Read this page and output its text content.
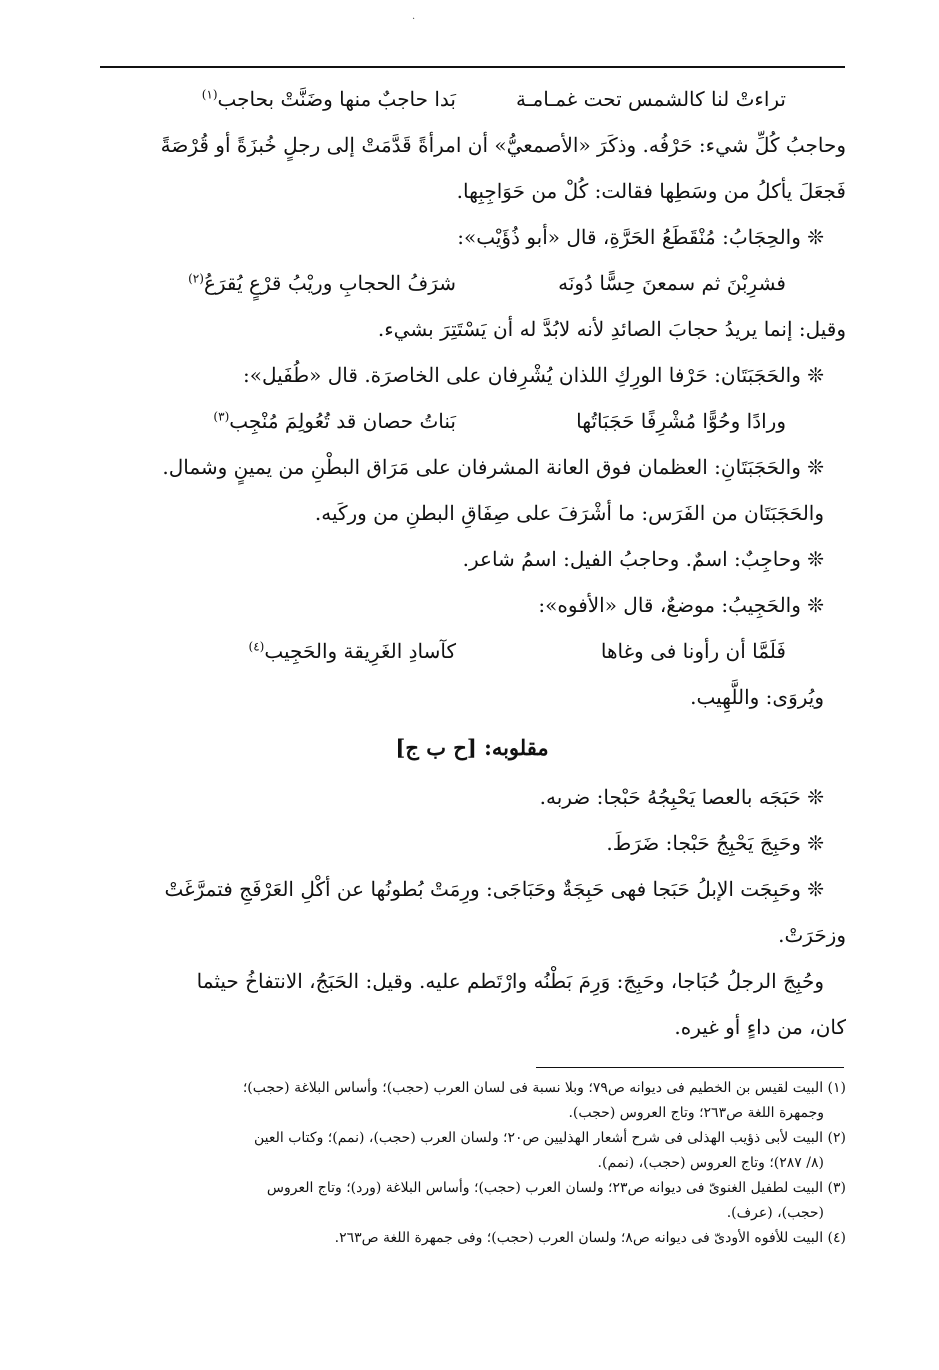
·
تراءتْ لنا كالشمس تحت غمـامـة
بَدا حاجبٌ منها وضَنَّتْ بحاجب$^{(١)}$
وحاجبُ كُلِّ شيء: حَرْفُه. وذكَرَ «الأصمعيُّ» أن امرأةً قَدَّمَتْ إلى رجلٍ خُبزَةً أو قُرْصَةً
فَجعَلَ يأكلُ من وسَطِها فقالت: كُلْ من حَوَاجِبِها.
❊ والحِجَابُ: مُنْقَطَعُ الحَرَّةِ، قال «أبو ذُؤَيْب»:
فشرِبْنَ ثم سمعنَ حِسًّا دُونَه
شرَفُ الحجابِ وريْبُ قرْعٍ يُقرَعُ$^{(٢)}$
وقيل: إنما يريدُ حجابَ الصائدِ لأنه لابُدَّ له أن يَسْتَتِرَ بشيء.
❊ والحَجَبَتَان: حَرْفا الورِكِ اللذان يُشْرِفان على الخاصرَة. قال «طُفَيل»:
ورادًا وحُوًّا مُشْرِفًا حَجَبَاتُها
بَناتُ حصان قد تُعُولِمَ مُنْجِب$^{(٣)}$
❊ والحَجَبَتَانِ: العظمان فوق العانة المشرفان على مَرَاق البطْنِ من يمينٍ وشمال.
والحَجَبَتَان من الفَرَس: ما أشْرَفَ على صِفَاقِ البطنِ من وركَيه.
❊ وحاجِبٌ: اسمٌ. وحاجبُ الفيل: اسمُ شاعر.
❊ والحَجِيبُ: موضعٌ، قال «الأفوه»:
فَلَمَّا أن رأونا فى وغاها
كآسادِ الغَرِيقة والحَجِيب$^{(٤)}$
ويُروَى: واللَّهِيب.
مقلوبه: [ح ب ج]
❊ حَبَجَه بالعصا يَحْبِجُهُ حَبْجا: ضربه.
❊ وحَبِجَ يَحْبِجُ حَبْجا: ضَرَطَ.
❊ وحَبِجَت الإبلُ حَبَجا فهى حَبِجَةٌ وحَبَاجَى: ورِمَتْ بُطونُها عن أكْلِ العَرْفَجِ فتمرَّغَتْ
وزحَرَتْ.
وحُبِجَ الرجلُ حُبَاجا، وحَبِجَ: وَرِمَ بَطْنُه وارْتَطم عليه. وقيل: الحَبَجُ، الانتفاخُ حيثما
كان، من داءٍ أو غيره.
(١) البيت لقيس بن الخطيم فى ديوانه ص٧٩؛ وبلا نسبة فى لسان العرب (حجب)؛ وأساس البلاغة (حجب)؛
وجمهرة اللغة ص٢٦٣؛ وتاج العروس (حجب).
(٢) البيت لأبى ذؤيب الهذلى فى شرح أشعار الهذليين ص٢٠؛ ولسان العرب (حجب)، (نمم)؛ وكتاب العين
(٨/ ٢٨٧)؛ وتاج العروس (حجب)، (نمم).
(٣) البيت لطفيل الغنوىّ فى ديوانه ص٢٣؛ ولسان العرب (حجب)؛ وأساس البلاغة (ورد)؛ وتاج العروس
(حجب)، (عرف).
(٤) البيت للأفوه الأودىّ فى ديوانه ص٨؛ ولسان العرب (حجب)؛ وفى جمهرة اللغة ص٢٦٣.
